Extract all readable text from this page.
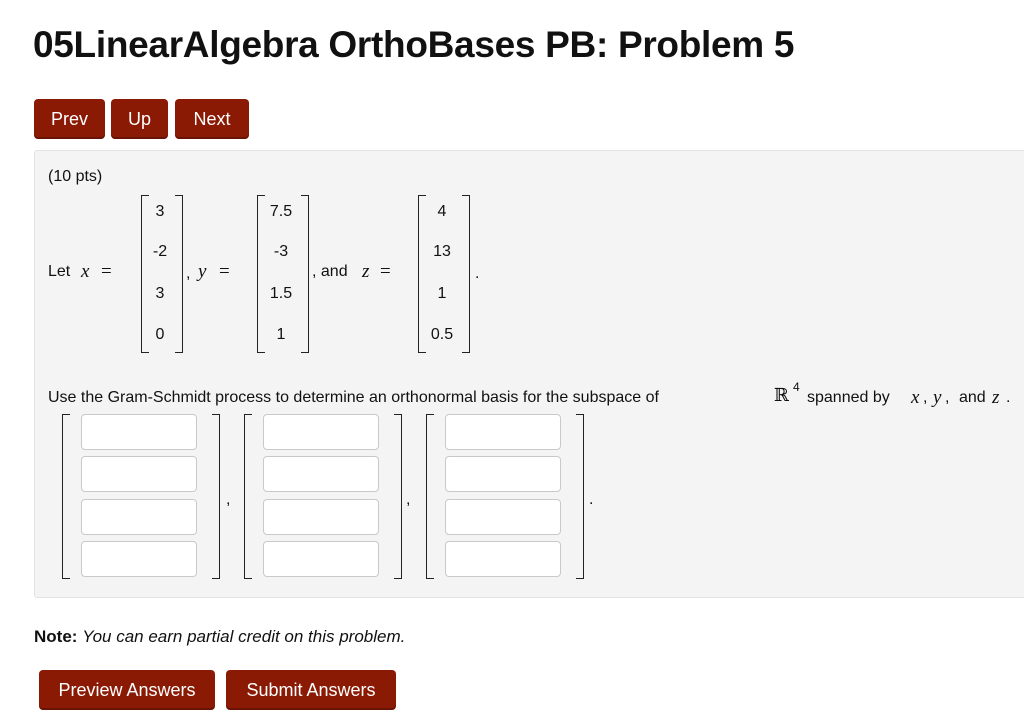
05LinearAlgebra OrthoBases PB: Problem 5
Prev	Up	Next
(10 pts)
Let x =
3
-2
3
0
, y =
7.5
-3
1.5
1
, and z =
4
13
1
0.5
.
Use the Gram-Schmidt process to determine an orthonormal basis for the subspace of	ℝ 4
spanned by x , y , and z .
,	,	.
Note: You can earn partial credit on this problem.
Preview Answers	Submit Answers
